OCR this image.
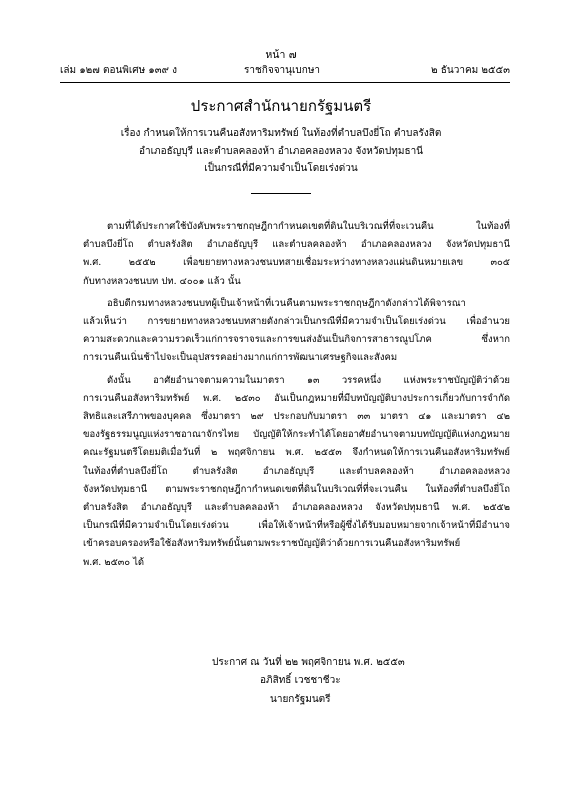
หน้า ๗
เล่ม ๑๒๗ ตอนพิเศษ ๑๓๙ ง	ราชกิจจานุเบกษา	๒ ธันวาคม ๒๕๕๓
ประกาศสำนักนายกรัฐมนตรี
เรื่อง กำหนดให้การเวนคืนอสังหาริมทรัพย์ ในท้องที่ตำบลบึงยี่โถ ตำบลรังสิต
อำเภอธัญบุรี และตำบลคลองห้า อำเภอคลองหลวง จังหวัดปทุมธานี
เป็นกรณีที่มีความจำเป็นโดยเร่งด่วน

ตามที่ได้ประกาศใช้บังคับพระราชกฤษฎีกากำหนดเขตที่ดินในบริเวณที่ที่จะเวนคืน ในท้องที่
ตำบลบึงยี่โถ ตำบลรังสิต อำเภอธัญบุรี และตำบลคลองห้า อำเภอคลองหลวง จังหวัดปทุมธานี
พ.ศ. ๒๕๕๒ เพื่อขยายทางหลวงชนบทสายเชื่อมระหว่างทางหลวงแผ่นดินหมายเลข ๓๐๕
กับทางหลวงชนบท ปท. ๔๐๐๑ แล้ว นั้น

อธิบดีกรมทางหลวงชนบทผู้เป็นเจ้าหน้าที่เวนคืนตามพระราชกฤษฎีกาดังกล่าวได้พิจารณา
แล้วเห็นว่า การขยายทางหลวงชนบทสายดังกล่าวเป็นกรณีที่มีความจำเป็นโดยเร่งด่วน เพื่ออำนวย
ความสะดวกและความรวดเร็วแก่การจราจรและการขนส่งอันเป็นกิจการสาธารณูปโภค ซึ่งหาก
การเวนคืนเนิ่นช้าไปจะเป็นอุปสรรคอย่างมากแก่การพัฒนาเศรษฐกิจและสังคม

ดังนั้น อาศัยอำนาจตามความในมาตรา ๑๓ วรรคหนึ่ง แห่งพระราชบัญญัติว่าด้วย
การเวนคืนอสังหาริมทรัพย์ พ.ศ. ๒๕๓๐ อันเป็นกฎหมายที่มีบทบัญญัติบางประการเกี่ยวกับการจำกัด
สิทธิและเสรีภาพของบุคคล ซึ่งมาตรา ๒๙ ประกอบกับมาตรา ๓๓ มาตรา ๔๑ และมาตรา ๔๒
ของรัฐธรรมนูญแห่งราชอาณาจักรไทย บัญญัติให้กระทำได้โดยอาศัยอำนาจตามบทบัญญัติแห่งกฎหมาย
คณะรัฐมนตรีโดยมติเมื่อวันที่ ๒ พฤศจิกายน พ.ศ. ๒๕๕๓ จึงกำหนดให้การเวนคืนอสังหาริมทรัพย์
ในท้องที่ตำบลบึงยี่โถ ตำบลรังสิต อำเภอธัญบุรี และตำบลคลองห้า อำเภอคลองหลวง
จังหวัดปทุมธานี ตามพระราชกฤษฎีกากำหนดเขตที่ดินในบริเวณที่ที่จะเวนคืน ในท้องที่ตำบลบึงยี่โถ
ตำบลรังสิต อำเภอธัญบุรี และตำบลคลองห้า อำเภอคลองหลวง จังหวัดปทุมธานี พ.ศ. ๒๕๕๒
เป็นกรณีที่มีความจำเป็นโดยเร่งด่วน เพื่อให้เจ้าหน้าที่หรือผู้ซึ่งได้รับมอบหมายจากเจ้าหน้าที่มีอำนาจ
เข้าครอบครองหรือใช้อสังหาริมทรัพย์นั้นตามพระราชบัญญัติว่าด้วยการเวนคืนอสังหาริมทรัพย์
พ.ศ. ๒๕๓๐ ได้

ประกาศ ณ วันที่ ๒๒ พฤศจิกายน พ.ศ. ๒๕๕๓
อภิสิทธิ์ เวชชาชีวะ
นายกรัฐมนตรี
